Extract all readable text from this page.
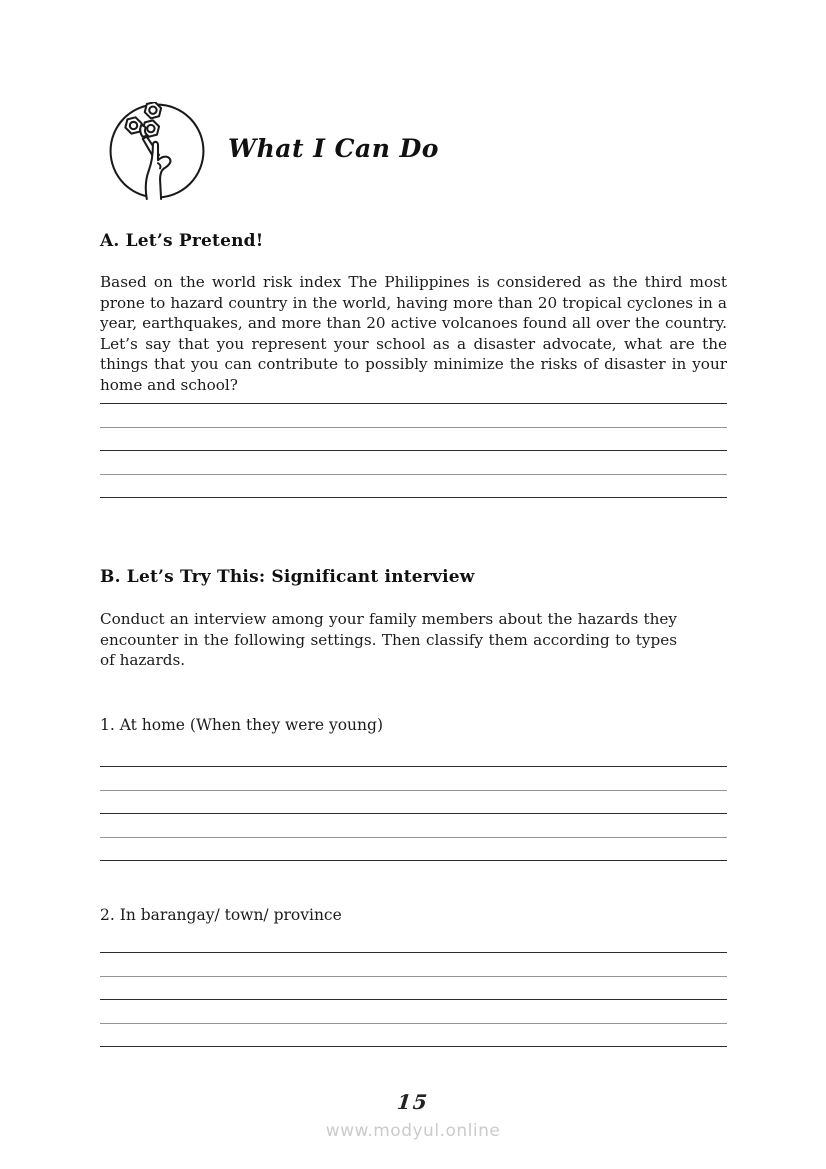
What I Can Do
A. Let’s Pretend!
Based on the world risk index The Philippines is considered as the third most prone to hazard country in the world, having more than 20 tropical cyclones in a year, earthquakes, and more than 20 active volcanoes found all over the country. Let’s say that you represent your school as a disaster advocate, what are the things that you can contribute to possibly minimize the risks of disaster in your home and school?
B. Let’s Try This: Significant interview
Conduct an interview among your family members about the hazards they encounter in the following settings. Then classify them according to types of hazards.
1. At home (When they were young)
2. In barangay/ town/ province
15
www.modyul.online
